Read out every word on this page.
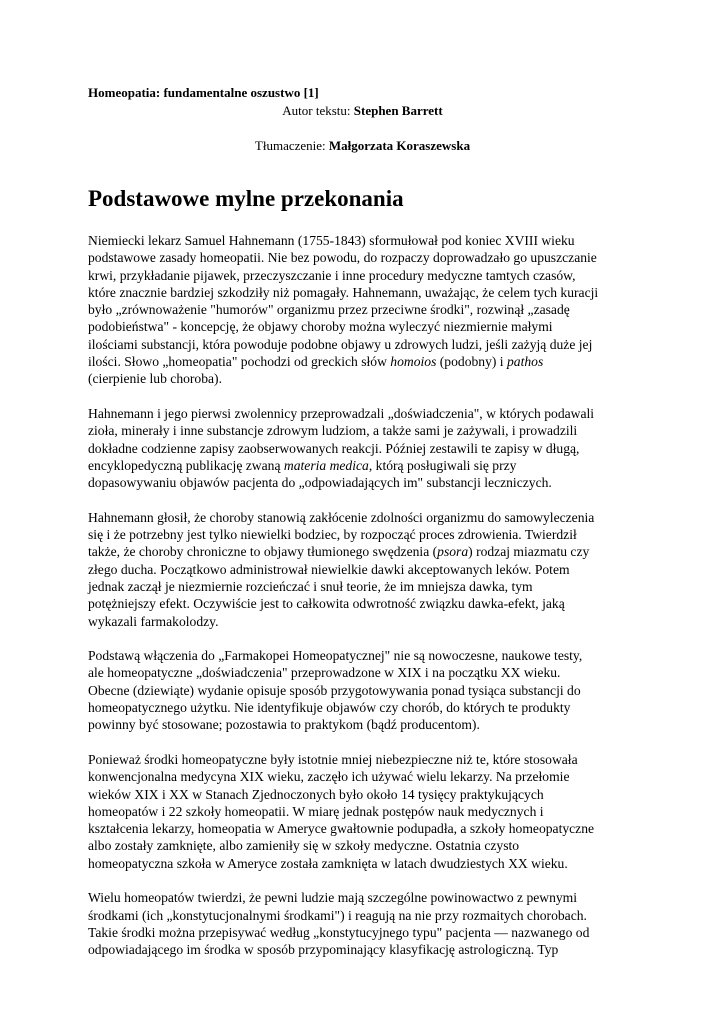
Homeopatia: fundamentalne oszustwo [1]
Autor tekstu: Stephen Barrett
Tłumaczenie: Małgorzata Koraszewska
Podstawowe mylne przekonania

Niemiecki lekarz Samuel Hahnemann (1755-1843) sformułował pod koniec XVIII wieku
podstawowe zasady homeopatii. Nie bez powodu, do rozpaczy doprowadzało go upuszczanie
krwi, przykładanie pijawek, przeczyszczanie i inne procedury medyczne tamtych czasów,
które znacznie bardziej szkodziły niż pomagały. Hahnemann, uważając, że celem tych kuracji
było „zrównoważenie "humorów" organizmu przez przeciwne środki", rozwinął „zasadę
podobieństwa" - koncepcję, że objawy choroby można wyleczyć niezmiernie małymi
ilościami substancji, która powoduje podobne objawy u zdrowych ludzi, jeśli zażyją duże jej
ilości. Słowo „homeopatia" pochodzi od greckich słów homoios (podobny) i pathos
(cierpienie lub choroba).

Hahnemann i jego pierwsi zwolennicy przeprowadzali „doświadczenia", w których podawali
zioła, minerały i inne substancje zdrowym ludziom, a także sami je zażywali, i prowadzili
dokładne codzienne zapisy zaobserwowanych reakcji. Później zestawili te zapisy w długą,
encyklopedyczną publikację zwaną materia medica, którą posługiwali się przy
dopasowywaniu objawów pacjenta do „odpowiadających im" substancji leczniczych.

Hahnemann głosił, że choroby stanowią zakłócenie zdolności organizmu do samowyleczenia
się i że potrzebny jest tylko niewielki bodziec, by rozpocząć proces zdrowienia. Twierdził
także, że choroby chroniczne to objawy tłumionego swędzenia (psora) rodzaj miazmatu czy
złego ducha. Początkowo administrował niewielkie dawki akceptowanych leków. Potem
jednak zaczął je niezmiernie rozcieńczać i snuł teorie, że im mniejsza dawka, tym
potężniejszy efekt. Oczywiście jest to całkowita odwrotność związku dawka-efekt, jaką
wykazali farmakolodzy.

Podstawą włączenia do „Farmakopei Homeopatycznej" nie są nowoczesne, naukowe testy,
ale homeopatyczne „doświadczenia" przeprowadzone w XIX i na początku XX wieku.
Obecne (dziewiąte) wydanie opisuje sposób przygotowywania ponad tysiąca substancji do
homeopatycznego użytku. Nie identyfikuje objawów czy chorób, do których te produkty
powinny być stosowane; pozostawia to praktykom (bądź producentom).

Ponieważ środki homeopatyczne były istotnie mniej niebezpieczne niż te, które stosowała
konwencjonalna medycyna XIX wieku, zaczęło ich używać wielu lekarzy. Na przełomie
wieków XIX i XX w Stanach Zjednoczonych było około 14 tysięcy praktykujących
homeopatów i 22 szkoły homeopatii. W miarę jednak postępów nauk medycznych i
kształcenia lekarzy, homeopatia w Ameryce gwałtownie podupadła, a szkoły homeopatyczne
albo zostały zamknięte, albo zamieniły się w szkoły medyczne. Ostatnia czysto
homeopatyczna szkoła w Ameryce została zamknięta w latach dwudziestych XX wieku.

Wielu homeopatów twierdzi, że pewni ludzie mają szczególne powinowactwo z pewnymi
środkami (ich „konstytucjonalnymi środkami") i reagują na nie przy rozmaitych chorobach.
Takie środki można przepisywać według „konstytucyjnego typu" pacjenta — nazwanego od
odpowiadającego im środka w sposób przypominający klasyfikację astrologiczną. Typ
